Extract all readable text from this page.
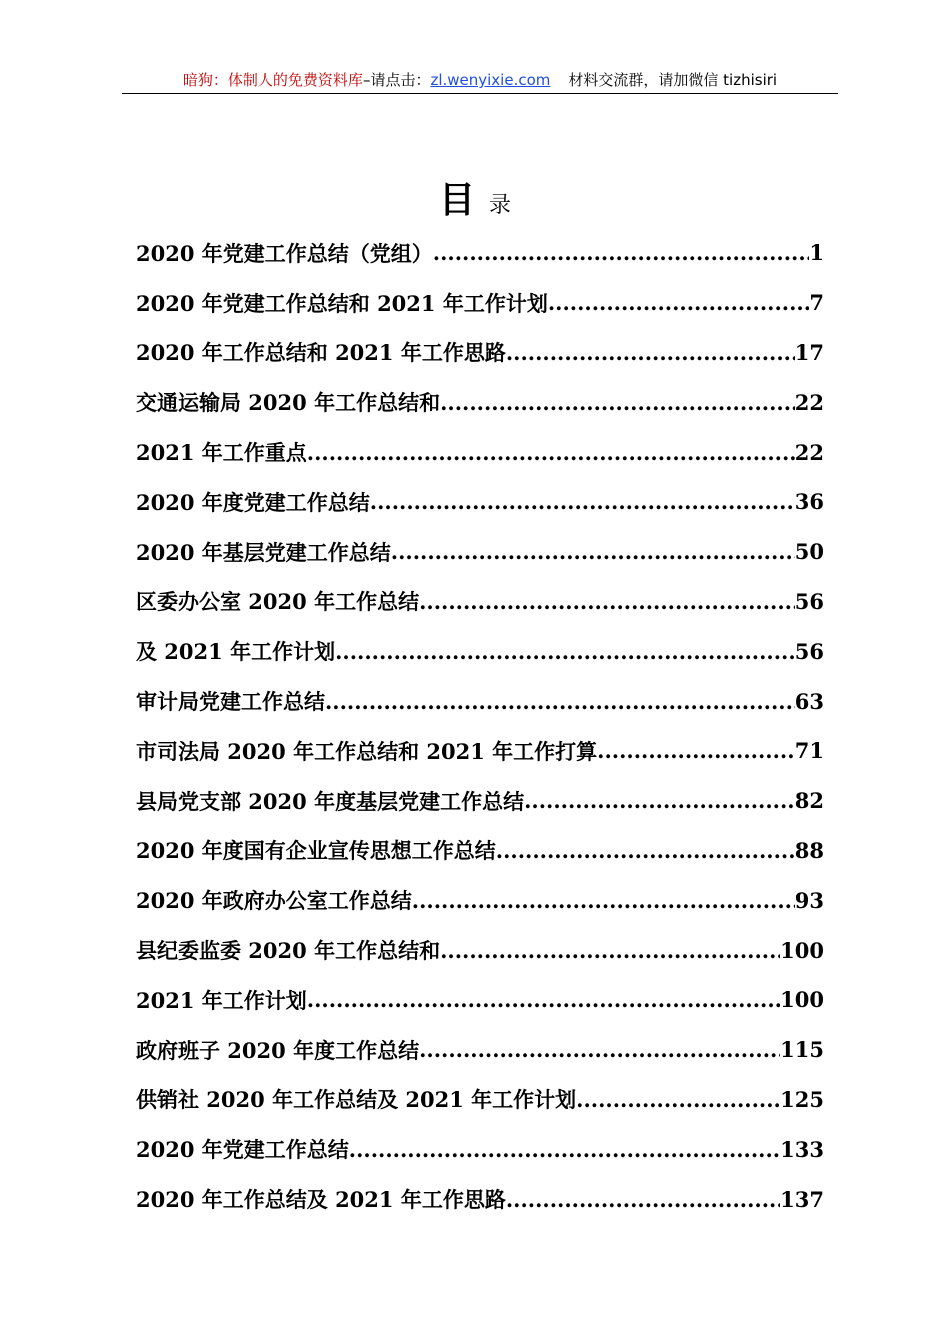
暗狗：体制人的免费资料库–请点击：zl.wenyixie.com 材料交流群，请加微信 tizhisiri
目录
2020 年党建工作总结（党组） .....	1
2020 年党建工作总结和 2021 年工作计划 .....	7
2020 年工作总结和 2021 年工作思路 .....	17
交通运输局 2020 年工作总结和 .....	22
2021 年工作重点 .....	22
2020 年度党建工作总结 .....	36
2020 年基层党建工作总结 .....	50
区委办公室 2020 年工作总结 .....	56
及 2021 年工作计划 .....	56
审计局党建工作总结 .....	63
市司法局 2020 年工作总结和 2021 年工作打算 .....	71
县局党支部 2020 年度基层党建工作总结 .....	82
2020 年度国有企业宣传思想工作总结 .....	88
2020 年政府办公室工作总结 .....	93
县纪委监委 2020 年工作总结和 .....	100
2021 年工作计划 .....	100
政府班子 2020 年度工作总结 .....	115
供销社 2020 年工作总结及 2021 年工作计划 .....	125
2020 年党建工作总结 .....	133
2020 年工作总结及 2021 年工作思路 .....	137
